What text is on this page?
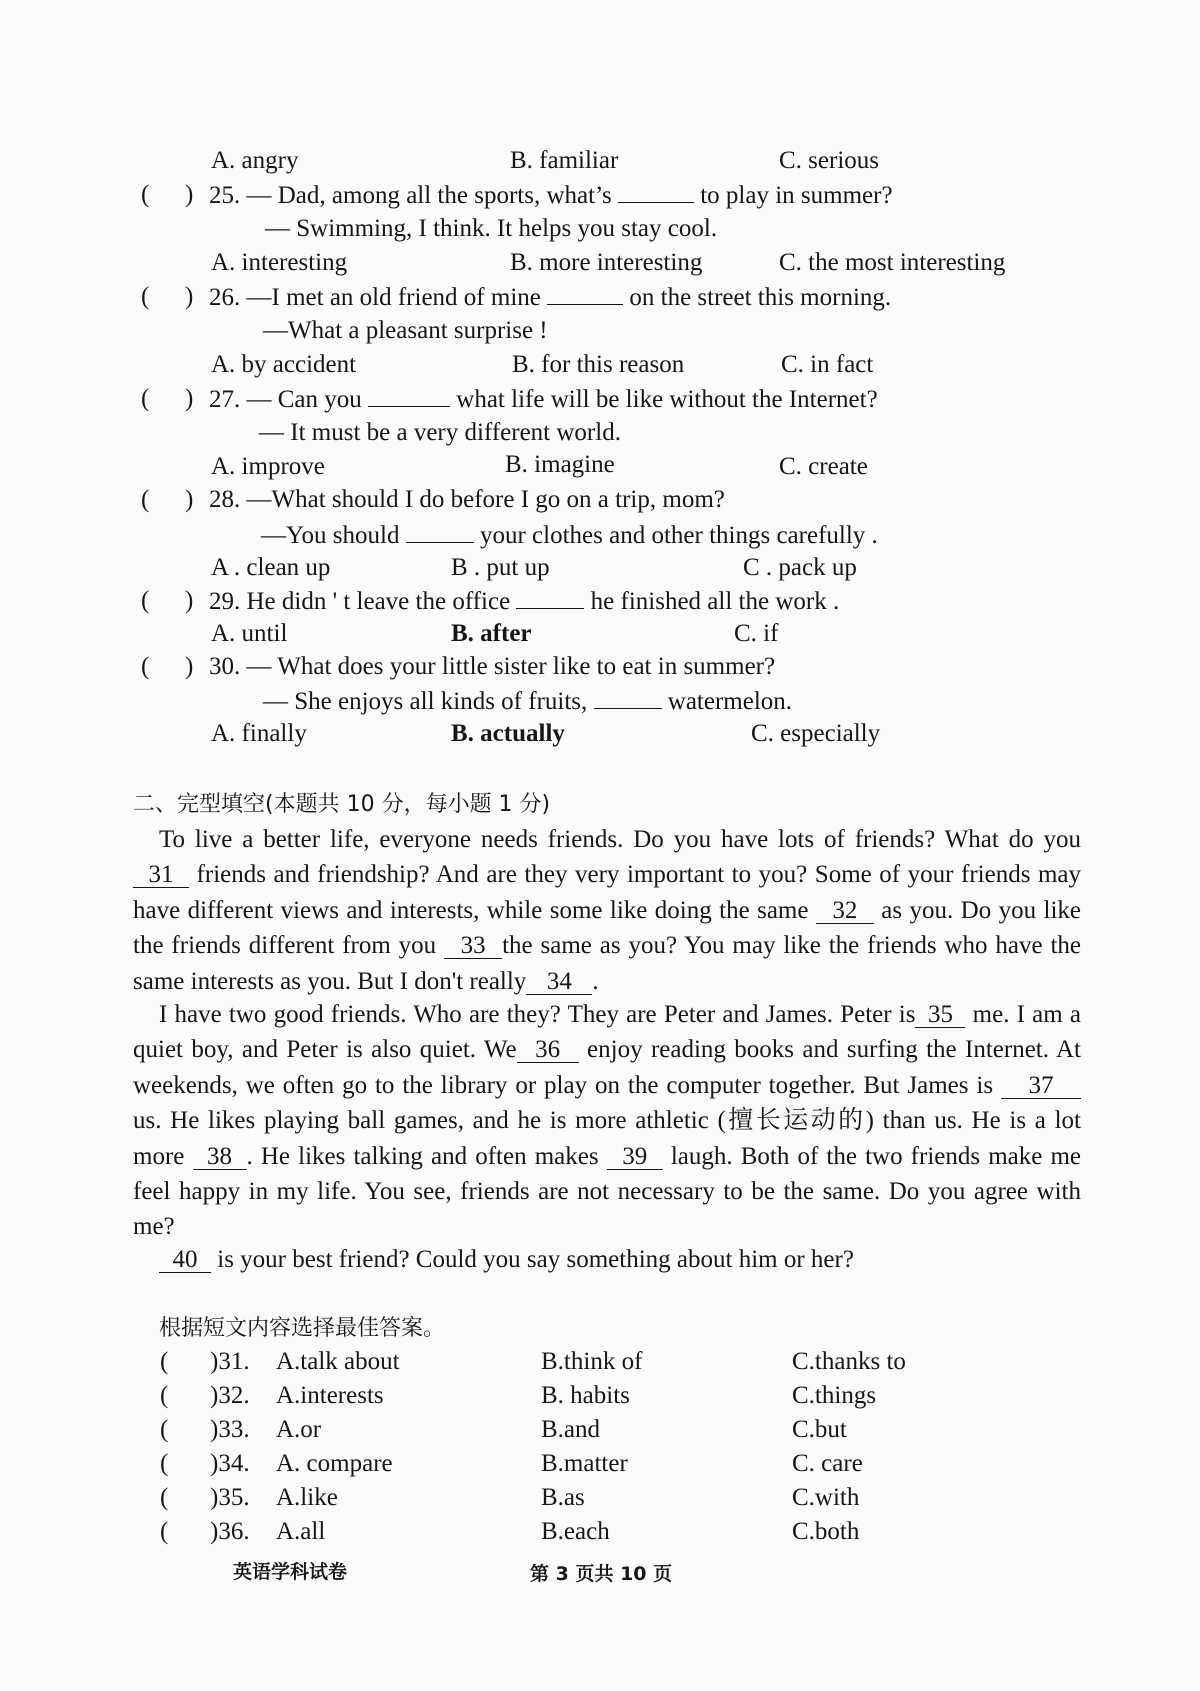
A. angry	B. familiar	C. serious
( ) 25. — Dad, among all the sports, what’s	to play in summer?
— Swimming, I think. It helps you stay cool.
A. interesting	B. more interesting	C. the most interesting
( ) 26. —I met an old friend of mine	on the street this morning.
—What a pleasant surprise !
A. by accident	B. for this reason	C. in fact
( ) 27. — Can you	what life will be like without the Internet?
— It must be a very different world.
A. improve	B. imagine	C. create
( ) 28. —What should I do before I go on a trip, mom?
—You should	your clothes and other things carefully .
A . clean up	B . put up	C . pack up
( ) 29. He didn ' t leave the office	he finished all the work .
A. until	B. after	C. if
( ) 30. — What does your little sister like to eat in summer?
— She enjoys all kinds of fruits,	watermelon.
A. finally	B. actually	C. especially
二、完型填空(本题共 10 分，每小题 1 分)
To live a better life, everyone needs friends. Do you have lots of friends? What do you 31 friends and friendship? And are they very important to you? Some of your friends may have different views and interests, while some like doing the same 32 as you. Do you like the friends different from you 33 the same as you? You may like the friends who have the same interests as you. But I don't really 34 .
I have two good friends. Who are they? They are Peter and James. Peter is 35 me. I am a quiet boy, and Peter is also quiet. We 36 enjoy reading books and surfing the Internet. At weekends, we often go to the library or play on the computer together. But James is 37 us. He likes playing ball games, and he is more athletic (擅长运动的) than us. He is a lot more 38 . He likes talking and often makes 39 laugh. Both of the two friends make me feel happy in my life. You see, friends are not necessary to be the same. Do you agree with me?
40 is your best friend? Could you say something about him or her?
根据短文内容选择最佳答案。
( )31. A.talk about	B.think of	C.thanks to
( )32. A.interests	B. habits	C.things
( )33. A.or	B.and	C.but
( )34. A. compare	B.matter	C. care
( )35. A.like	B.as	C.with
( )36. A.all	B.each	C.both
英语学科试卷	第 3 页共 10 页
